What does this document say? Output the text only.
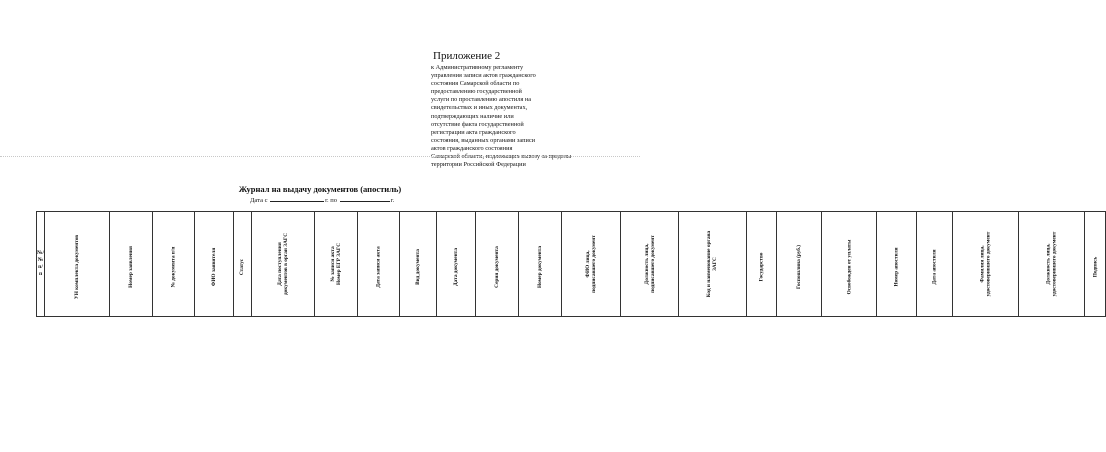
Приложение 2
к Административному регламенту
управления записи актов гражданского
состояния Самарской области по
предоставлению государственной
услуги по проставлению апостиля на
свидетельствах и иных документах,
подтверждающих наличие или
отсутствие факта государственной
регистрации акта гражданского
состояния, выданных органами записи
актов гражданского состояния
Самарской области, подлежащих вывозу за пределы
территории Российской Федерации
Журнал на выдачу документов (апостиль)
Дата с	г. по	г.
№/
№
п/п	УН комплекта документов	Номер заявления	№ документа п/п	ФИО заявителя	Статус	Дата поступления документов в орган ЗАГС	№ записи акта Номер ЕГР ЗАГС	Дата записи акта	Вид документа	Дата документа	Серия документа	Номер документа	ФИО лица, подписавшего документ	Должность лица, подписавшего документ	Код и наименование органа ЗАГС	Государство	Госпошлина (руб.)	Освобожден от уплаты	Номер апостиля	Дата апостиля	Фамилия лица, удостоверившего документ	Должность лица, удостоверившего документ	Подпись
